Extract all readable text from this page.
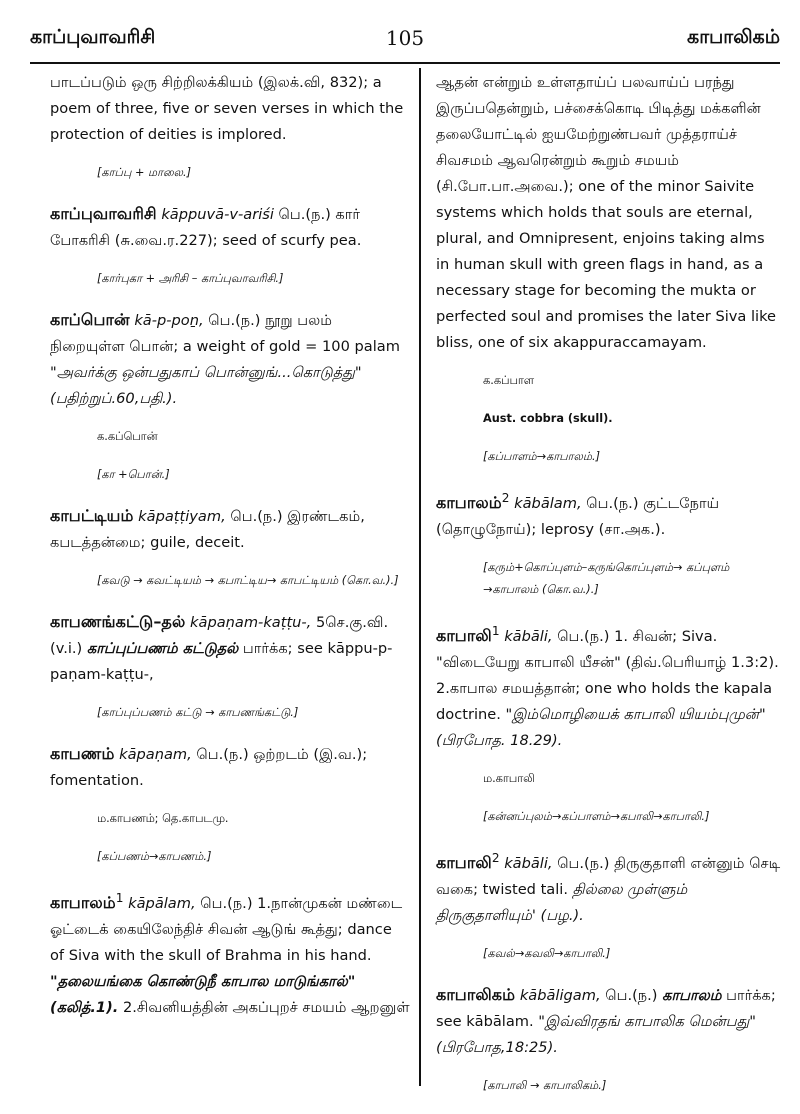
காப்புவாவரிசி	105	காபாலிகம்

பாடப்படும் ஒரு சிற்றிலக்கியம் (இலக்.வி, 832); a poem of three, five or seven verses in which the protection of deities is implored.

[காப்பு + மாலை.]

காப்புவாவரிசி kāppuvā-v-ariśi பெ.(ந.) கார் போகரிசி (சு.வை.ர.227); seed of scurfy pea.

[கார்புகா + அரிசி – காப்புவாவரிசி.]

காப்பொன் kā-p-poṉ, பெ.(ந.) நூறு பலம் நிறையுள்ள பொன்; a weight of gold = 100 palam "அவர்க்கு ஒன்பதுகாப் பொன்னுங்...கொடுத்து" (பதிற்றுப்.60,பதி.).

க.கப்பொன்
[கா +பொன்.]

காபட்டியம் kāpaṭṭiyam, பெ.(ந.) இரண்டகம், கபடத்தன்மை; guile, deceit.

[கவடு → கவட்டியம் → கபாட்டிய→ காபட்டியம் (கொ.வ.).]

காபணங்கட்டு–தல் kāpaṇam-kaṭṭu-, 5செ.கு.வி. (v.i.) காப்புப்பணம் கட்டுதல் பார்க்க; see kāppu-p-paṇam-kaṭṭu-,

[காப்புப்பணம் கட்டு → காபணங்கட்டு.]

காபணம் kāpaṇam, பெ.(ந.) ஒற்றடம் (இ.வ.); fomentation.

ம.காபணம்; தெ.காபடமு.
[கப்பணம்→காபணம்.]

காபாலம்$^1$ kāpālam, பெ.(ந.) 1.நான்முகன் மண்டை ஓட்டைக் கையிலேந்திச் சிவன் ஆடுங் கூத்து; dance of Siva with the skull of Brahma in his hand. "தலையங்கை கொண்டுநீ காபால மாடுங்கால்" (கலித்.1). 2.சிவனியத்தின் அகப்புறச் சமயம் ஆறனுள்

ஆதன் என்றும் உள்ளதாய்ப் பலவாய்ப் பரந்து இருப்பதென்றும், பச்சைக்கொடி பிடித்து மக்களின் தலையோட்டில் ஐயமேற்றுண்பவர் முத்தராய்ச் சிவசமம் ஆவரென்றும் கூறும் சமயம் (சி.போ.பா.அவை.); one of the minor Saivite systems which holds that souls are eternal, plural, and Omnipresent, enjoins taking alms in human skull with green flags in hand, as a necessary stage for becoming the mukta or perfected soul and promises the later Siva like bliss, one of six akappuraccamayam.

க.கப்பாள
Aust. cobbra (skull).
[கப்பாளம்→காபாலம்.]

காபாலம்$^2$ kābālam, பெ.(ந.) குட்டநோய் (தொழுநோய்); leprosy (சா.அக.).

[கரும்+கொப்புளம்–கருங்கொப்புளம்→ கப்புளம் →காபாலம் (கொ.வ.).]

காபாலி$^1$ kābāli, பெ.(ந.) 1. சிவன்; Siva. "விடையேறு காபாலி யீசன்" (திவ்.பெரியாழ் 1.3:2). 2.காபால சமயத்தான்; one who holds the kapala doctrine. "இம்மொழியைக் காபாலி யியம்புமுன்" (பிரபோத. 18.29).

ம.காபாலி
[கன்னப்புலம்→கப்பாளம்→கபாலி→காபாலி.]

காபாலி$^2$ kābāli, பெ.(ந.) திருகுதாளி என்னும் செடி வகை; twisted tali. தில்லை முள்ளும் திருகுதாளியும்' (பழ.).

[கவல்→கவலி→காபாலி.]

காபாலிகம் kābāligam, பெ.(ந.) காபாலம் பார்க்க; see kābālam. "இவ்விரதங் காபாலிக மென்பது" (பிரபோத,18:25).

[காபாலி → காபாலிகம்.]
